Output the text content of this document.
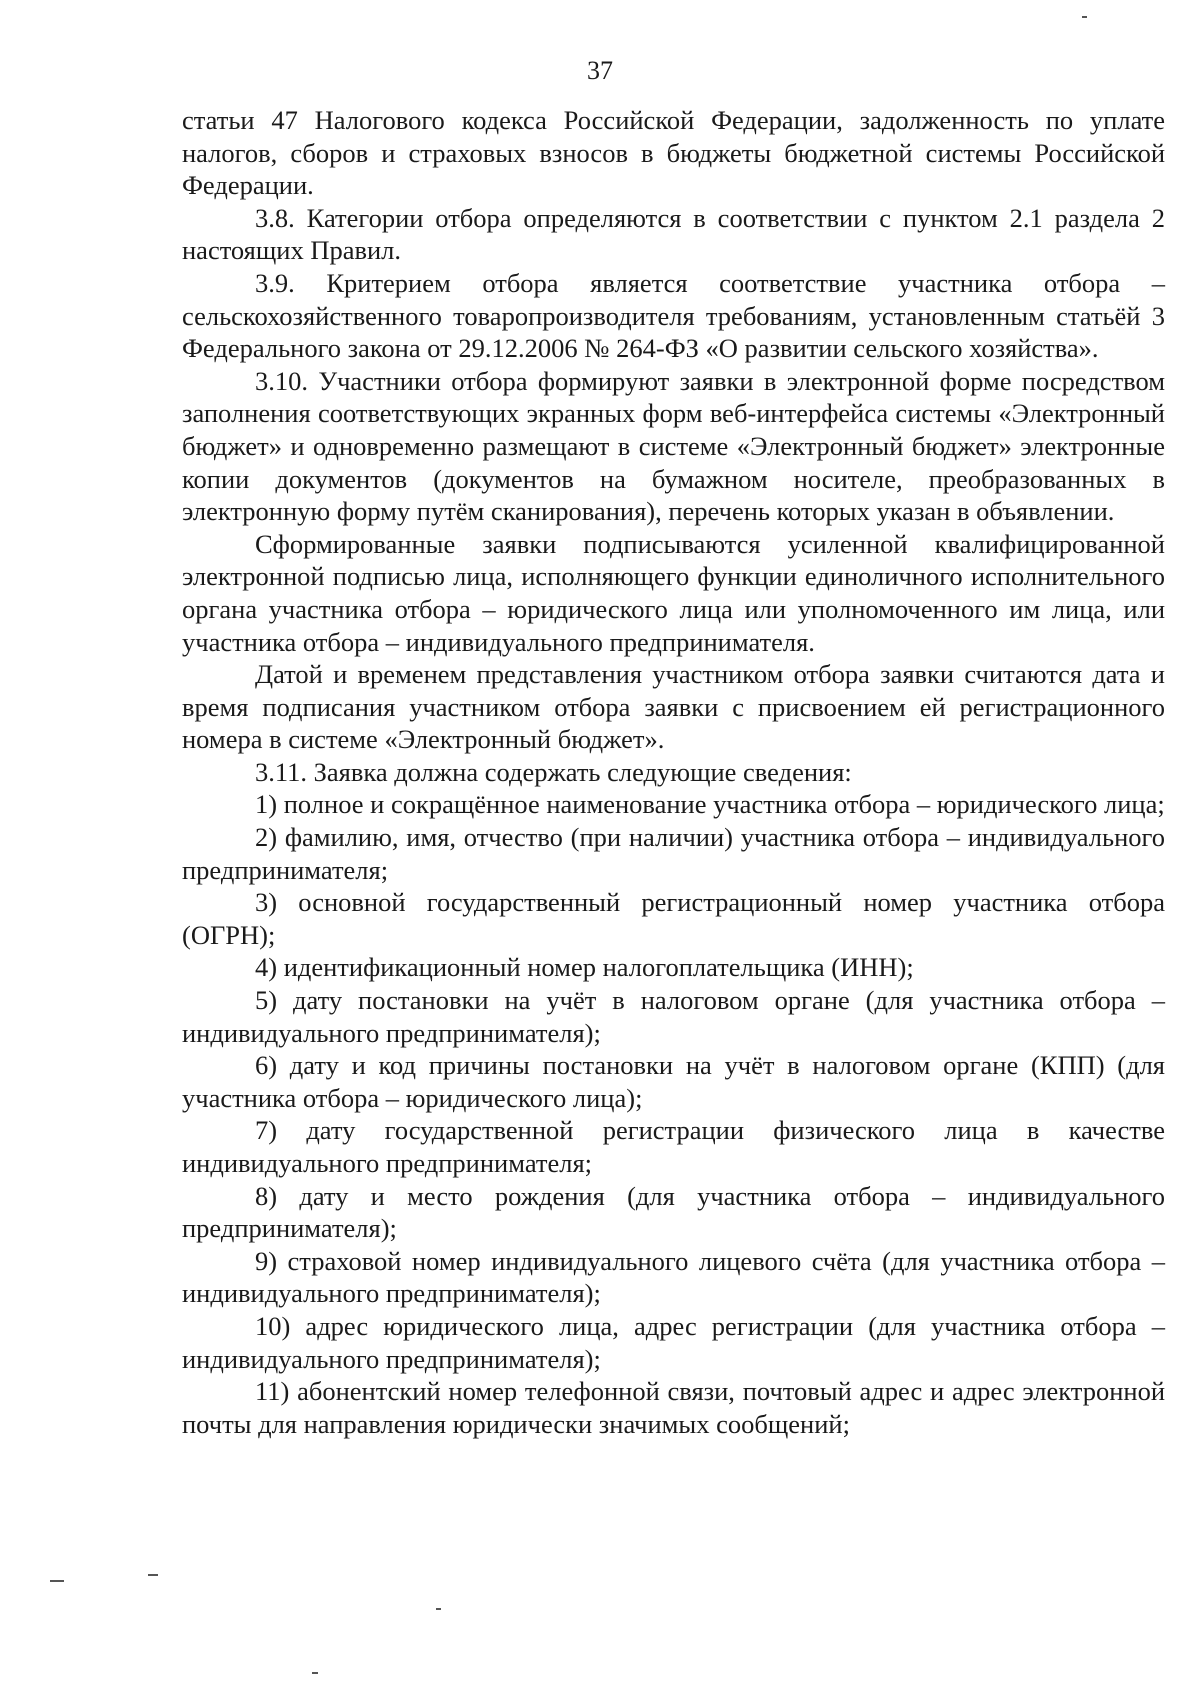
37

статьи 47 Налогового кодекса Российской Федерации, задолженность по уплате налогов, сборов и страховых взносов в бюджеты бюджетной системы Российской Федерации.

3.8. Категории отбора определяются в соответствии с пунктом 2.1 раздела 2 настоящих Правил.

3.9. Критерием отбора является соответствие участника отбора – сельскохозяйственного товаропроизводителя требованиям, установленным статьёй 3 Федерального закона от 29.12.2006 № 264-ФЗ «О развитии сельского хозяйства».

3.10. Участники отбора формируют заявки в электронной форме посредством заполнения соответствующих экранных форм веб-интерфейса системы «Электронный бюджет» и одновременно размещают в системе «Электронный бюджет» электронные копии документов (документов на бумажном носителе, преобразованных в электронную форму путём сканирования), перечень которых указан в объявлении.

Сформированные заявки подписываются усиленной квалифицированной электронной подписью лица, исполняющего функции единоличного исполнительного органа участника отбора – юридического лица или уполномоченного им лица, или участника отбора – индивидуального предпринимателя.

Датой и временем представления участником отбора заявки считаются дата и время подписания участником отбора заявки с присвоением ей регистрационного номера в системе «Электронный бюджет».

3.11. Заявка должна содержать следующие сведения:

1) полное и сокращённое наименование участника отбора – юридического лица;

2) фамилию, имя, отчество (при наличии) участника отбора – индивидуального предпринимателя;

3) основной государственный регистрационный номер участника отбора (ОГРН);

4) идентификационный номер налогоплательщика (ИНН);

5) дату постановки на учёт в налоговом органе (для участника отбора – индивидуального предпринимателя);

6) дату и код причины постановки на учёт в налоговом органе (КПП) (для участника отбора – юридического лица);

7) дату государственной регистрации физического лица в качестве индивидуального предпринимателя;

8) дату и место рождения (для участника отбора – индивидуального предпринимателя);

9) страховой номер индивидуального лицевого счёта (для участника отбора – индивидуального предпринимателя);

10) адрес юридического лица, адрес регистрации (для участника отбора – индивидуального предпринимателя);

11) абонентский номер телефонной связи, почтовый адрес и адрес электронной почты для направления юридически значимых сообщений;
